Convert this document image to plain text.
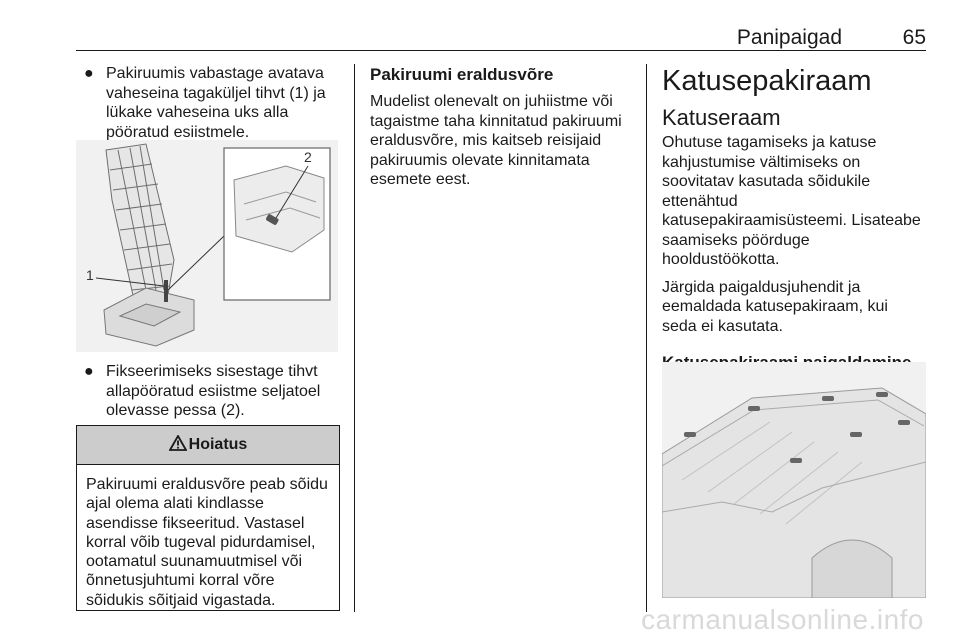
Panipaigad	65

● Pakiruumis vabastage avatava vaheseina tagaküljel tihvt (1) ja lükake vaheseina uks alla pööratud esiistmele.

1
2

● Fikseerimiseks sisestage tihvt allapööratud esiistme seljatoel olevasse pessa (2).

Hoiatus
Pakiruumi eraldusvõre peab sõidu ajal olema alati kindlasse asendisse fikseeritud. Vastasel korral võib tugeval pidurdamisel, ootamatul suunamuutmisel või õnnetusjuhtumi korral võre sõidukis sõitjaid vigastada.

Pakiruumi eraldusvõre

Mudelist olenevalt on juhiistme või tagaistme taha kinnitatud pakiruumi eraldusvõre, mis kaitseb reisijaid pakiruumis olevate kinnitamata esemete eest.

Katusepakiraam

Katuseraam

Ohutuse tagamiseks ja katuse kahjustumise vältimiseks on soovitatav kasutada sõidukile ettenähtud katusepakiraamisüsteemi. Lisateabe saamiseks pöörduge hooldustöökotta.

Järgida paigaldusjuhendit ja eemaldada katusepakiraam, kui seda ei kasutata.

carmanualsonline.info
